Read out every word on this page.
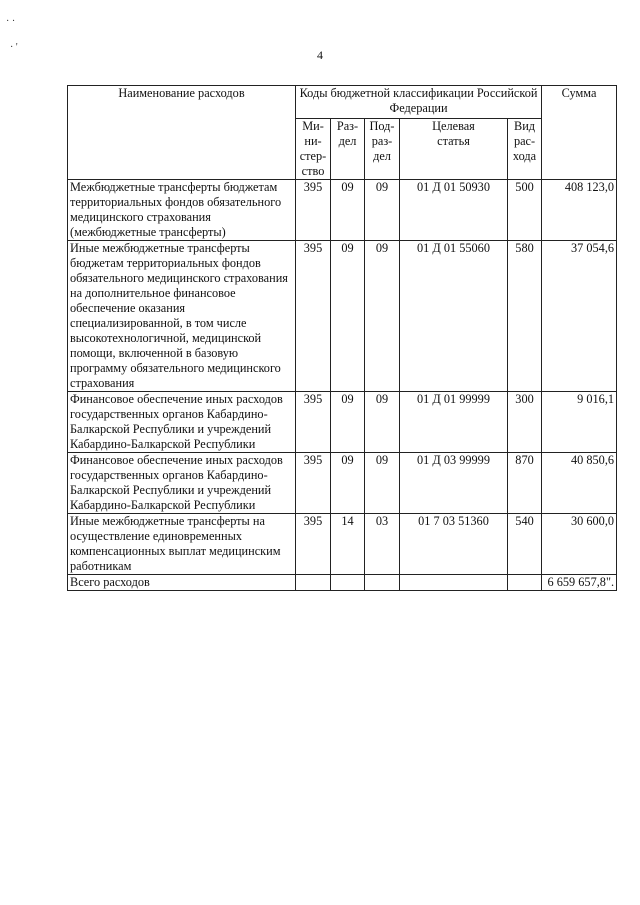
· ·
· '
4
Наименование расходов	Коды бюджетной классификации Российской Федерации					Сумма
	Ми-
ни-
стер-
ство	Раз-
дел	Под-
раз-
дел	Целевая
статья	Вид
рас-
хода	
Межбюджетные трансферты бюджетам территориальных фондов обязательного медицинского страхования (межбюджетные трансферты)	395	09	09	01 Д 01 50930	500	408 123,0
Иные межбюджетные трансферты бюджетам территориальных фондов обязательного медицинского страхования на дополнительное финансовое обеспечение оказания специализированной, в том числе высокотехнологичной, медицинской помощи, включенной в базовую программу обязательного медицинского страхования	395	09	09	01 Д 01 55060	580	37 054,6
Финансовое обеспечение иных расходов государственных органов Кабардино-Балкарской Республики и учреждений Кабардино-Балкарской Республики	395	09	09	01 Д 01 99999	300	9 016,1
Финансовое обеспечение иных расходов государственных органов Кабардино-Балкарской Республики и учреждений Кабардино-Балкарской Республики	395	09	09	01 Д 03 99999	870	40 850,6
Иные межбюджетные трансферты на осуществление единовременных компенсационных выплат медицинским работникам	395	14	03	01 7 03 51360	540	30 600,0
Всего расходов						6 659 657,8".
